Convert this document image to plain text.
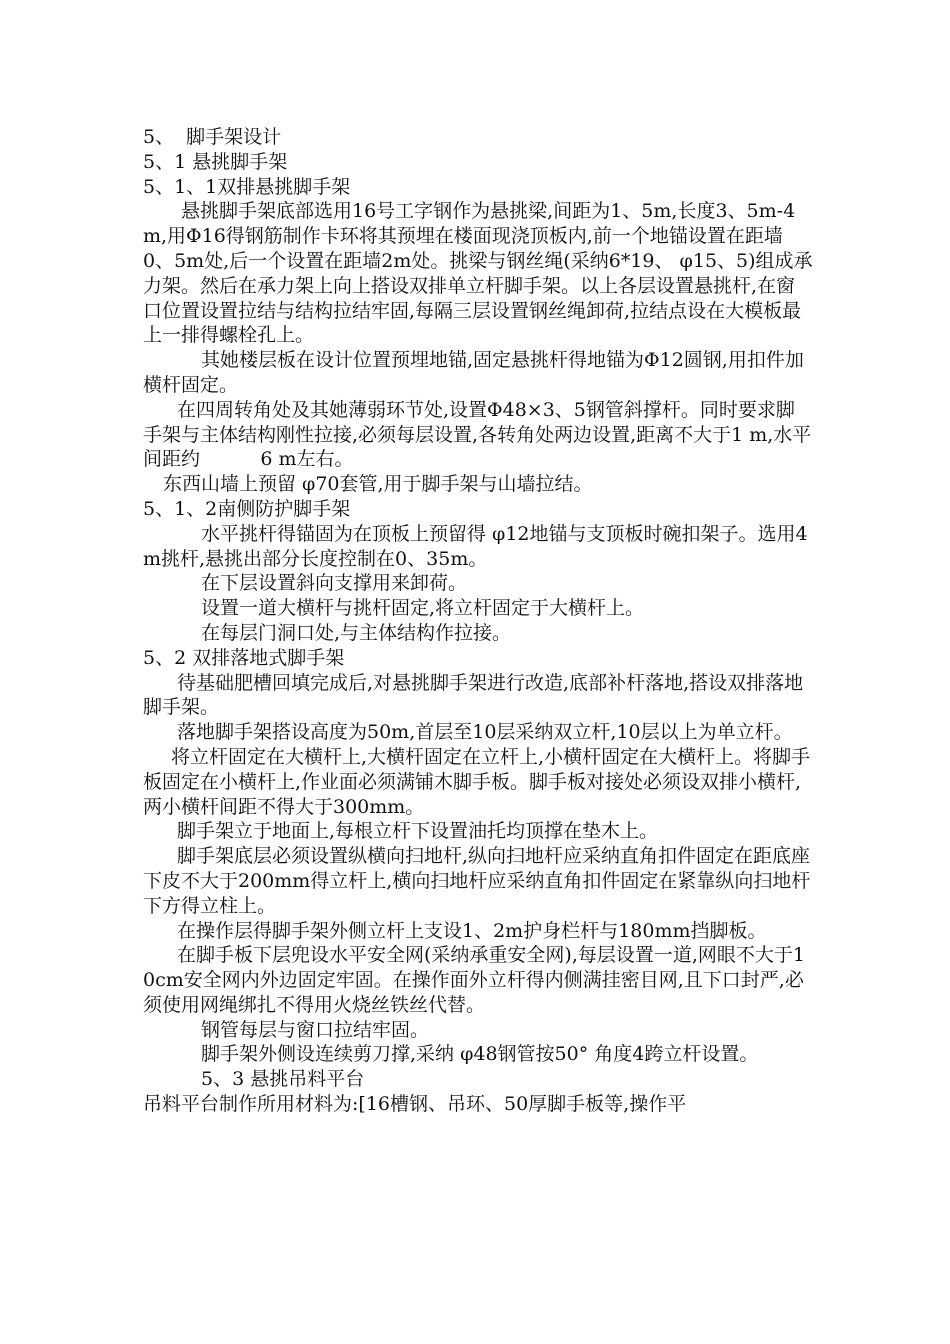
5、  脚手架设计

5、1 悬挑脚手架

5、1、1双排悬挑脚手架

悬挑脚手架底部选用16号工字钢作为悬挑梁,间距为1、5m,长度3、5m-4m,用Φ16得钢筋制作卡环将其预埋在楼面现浇顶板内,前一个地锚设置在距墙0、5m处,后一个设置在距墙2m处。挑梁与钢丝绳(采纳6*19、 φ15、5)组成承力架。然后在承力架上向上搭设双排单立杆脚手架。以上各层设置悬挑杆,在窗口位置设置拉结与结构拉结牢固,每隔三层设置钢丝绳卸荷,拉结点设在大模板最上一排得螺栓孔上。

其她楼层板在设计位置预埋地锚,固定悬挑杆得地锚为Φ12圆钢,用扣件加横杆固定。

在四周转角处及其她薄弱环节处,设置Φ48×3、5钢管斜撑杆。同时要求脚手架与主体结构刚性拉接,必须每层设置,各转角处两边设置,距离不大于1 m,水平间距约          6 m左右。

东西山墙上预留 φ70套管,用于脚手架与山墙拉结。

5、1、2南侧防护脚手架

水平挑杆得锚固为在顶板上预留得 φ12地锚与支顶板时碗扣架子。选用4m挑杆,悬挑出部分长度控制在0、35m。

在下层设置斜向支撑用来卸荷。

设置一道大横杆与挑杆固定,将立杆固定于大横杆上。

在每层门洞口处,与主体结构作拉接。

5、2 双排落地式脚手架

待基础肥槽回填完成后,对悬挑脚手架进行改造,底部补杆落地,搭设双排落地脚手架。

落地脚手架搭设高度为50m,首层至10层采纳双立杆,10层以上为单立杆。

将立杆固定在大横杆上,大横杆固定在立杆上,小横杆固定在大横杆上。将脚手板固定在小横杆上,作业面必须满铺木脚手板。脚手板对接处必须设双排小横杆,两小横杆间距不得大于300mm。

脚手架立于地面上,每根立杆下设置油托均顶撑在垫木上。

脚手架底层必须设置纵横向扫地杆,纵向扫地杆应采纳直角扣件固定在距底座下皮不大于200mm得立杆上,横向扫地杆应采纳直角扣件固定在紧靠纵向扫地杆下方得立柱上。

在操作层得脚手架外侧立杆上支设1、2m护身栏杆与180mm挡脚板。

在脚手板下层兜设水平安全网(采纳承重安全网),每层设置一道,网眼不大于10cm安全网内外边固定牢固。在操作面外立杆得内侧满挂密目网,且下口封严,必须使用网绳绑扎不得用火烧丝铁丝代替。

钢管每层与窗口拉结牢固。

脚手架外侧设连续剪刀撑,采纳 φ48钢管按50° 角度4跨立杆设置。

5、3 悬挑吊料平台

吊料平台制作所用材料为:[16槽钢、吊环、50厚脚手板等,操作平
